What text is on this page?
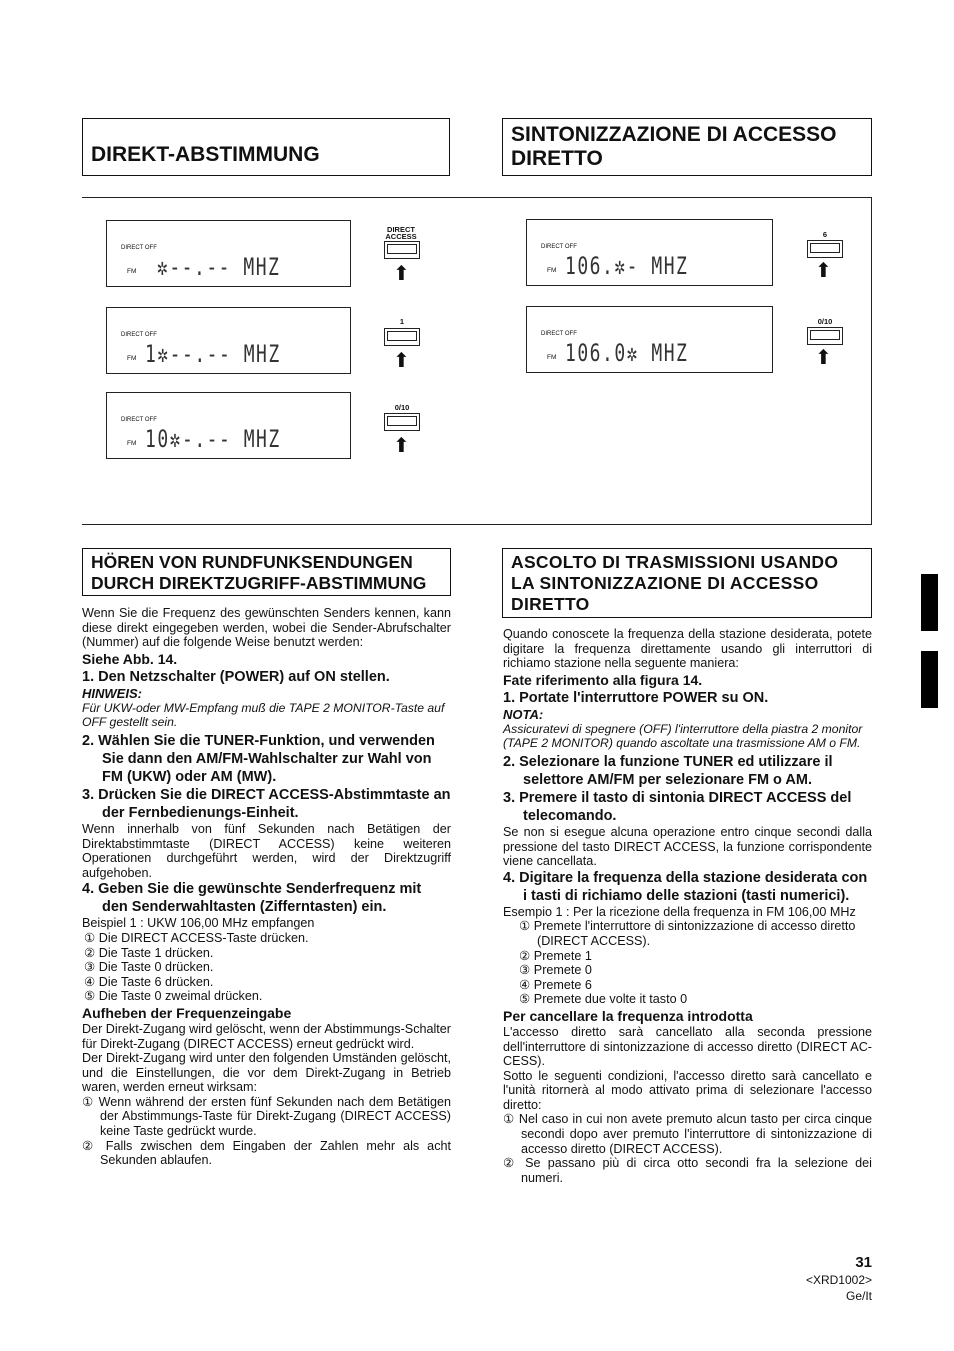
DIREKT-ABSTIMMUNG
SINTONIZZAZIONE DI ACCESSO DIRETTO
DIRECT OFF
FM ✲--.-- MHZ
DIRECT ACCESS
⬆
DIRECT OFF
FM 1✲--.-- MHZ
1
⬆
DIRECT OFF
FM 10✲-.-- MHZ
0/10
⬆
DIRECT OFF
FM 106.✲- MHZ
6
⬆
DIRECT OFF
FM 106.0✲ MHZ
0/10
⬆
HÖREN VON RUNDFUNKSENDUNGEN DURCH DIREKTZUGRIFF-ABSTIMMUNG

Wenn Sie die Frequenz des gewünschten Senders kennen, kann diese direkt eingegeben werden, wobei die Sender-Abrufschalter (Nummer) auf die folgende Weise benutzt werden:

Siehe Abb. 14.

1. Den Netzschalter (POWER) auf ON stellen.

HINWEIS:

Für UKW-oder MW-Empfang muß die TAPE 2 MONITOR-Taste auf OFF gestellt sein.

2. Wählen Sie die TUNER-Funktion, und verwenden Sie dann den AM/FM-Wahlschalter zur Wahl von FM (UKW) oder AM (MW).

3. Drücken Sie die DIRECT ACCESS-Abstimmtaste an der Fernbedienungs-Einheit.

Wenn innerhalb von fünf Sekunden nach Betätigen der Direktabstimmtaste (DIRECT ACCESS) keine weiteren Operationen durchgeführt werden, wird der Direktzugriff aufgehoben.

4. Geben Sie die gewünschte Senderfrequenz mit den Senderwahltasten (Zifferntasten) ein.

Beispiel 1 : UKW 106,00 MHz empfangen

① Die DIRECT ACCESS-Taste drücken.

② Die Taste 1 drücken.

③ Die Taste 0 drücken.

④ Die Taste 6 drücken.

⑤ Die Taste 0 zweimal drücken.

Aufheben der Frequenzeingabe

Der Direkt-Zugang wird gelöscht, wenn der Abstimmungs-Schalter für Direkt-Zugang (DIRECT ACCESS) erneut gedrückt wird.

Der Direkt-Zugang wird unter den folgenden Umständen gelöscht, und die Einstellungen, die vor dem Direkt-Zugang in Betrieb waren, werden erneut wirksam:

① Wenn während der ersten fünf Sekunden nach dem Betätigen der Abstimmungs-Taste für Direkt-Zugang (DIRECT ACCESS) keine Taste gedrückt wurde.

② Falls zwischen dem Eingaben der Zahlen mehr als acht Sekunden ablaufen.

ASCOLTO DI TRASMISSIONI USANDO LA SINTONIZZAZIONE DI ACCESSO DIRETTO

Quando conoscete la frequenza della stazione desiderata, potete digitare la frequenza direttamente usando gli interruttori di richiamo stazione nella seguente maniera:

Fate riferimento alla figura 14.

1. Portate l'interruttore POWER su ON.

NOTA:

Assicuratevi di spegnere (OFF) l'interruttore della piastra 2 monitor (TAPE 2 MONITOR) quando ascoltate una trasmissione AM o FM.

2. Selezionare la funzione TUNER ed utilizzare il selettore AM/FM per selezionare FM o AM.

3. Premere il tasto di sintonia DIRECT ACCESS del telecomando.

Se non si esegue alcuna operazione entro cinque secondi dalla pressione del tasto DIRECT ACCESS, la funzione corrispondente viene cancellata.

4. Digitare la frequenza della stazione desiderata con i tasti di richiamo delle stazioni (tasti numerici).

Esempio 1 : Per la ricezione della frequenza in FM 106,00 MHz

① Premete l'interruttore di sintonizzazione di accesso diretto (DIRECT ACCESS).

② Premete 1

③ Premete 0

④ Premete 6

⑤ Premete due volte it tasto 0

Per cancellare la frequenza introdotta

L'accesso diretto sarà cancellato alla seconda pressione dell'interruttore di sintonizzazione di accesso diretto (DIRECT AC-CESS).

Sotto le seguenti condizioni, l'accesso diretto sarà cancellato e l'unità ritornerà al modo attivato prima di selezionare l'accesso diretto:

① Nel caso in cui non avete premuto alcun tasto per circa cinque secondi dopo aver premuto l'interruttore di sintonizzazione di accesso diretto (DIRECT ACCESS).

② Se passano più di circa otto secondi fra la selezione dei numeri.

31
<XRD1002>
Ge/It
